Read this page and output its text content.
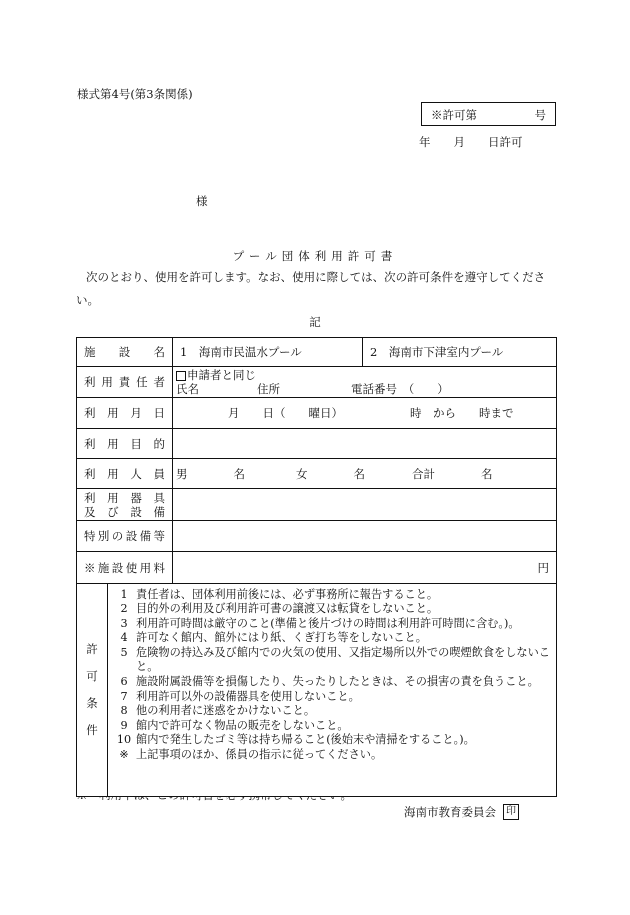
様式第4号(第3条関係)
※許可第	号
年　　月　　日許可
様
プール団体利用許可書
次のとおり、使用を許可します。なお、使用に際しては、次の許可条件を遵守してください。
記
施設名	1　海南市民温水プール	2　海南市下津室内プール
利用責任者	申請者と同じ
氏名 住所 電話番号　（　　）	

利用月日	月　　日（　　曜日） 時　から　　時まで	

利用目的		
利用人員	男　　　　名 女　　　　名 合計　　　　名	

利用器具
及び設備		

特別の設備等		
※施設使用料	円	

海南市教育委員会	印
許
可
条
件
1 責任者は、団体利用前後には、必ず事務所に報告すること。
2 目的外の利用及び利用許可書の譲渡又は転貸をしないこと。
3 利用許可時間は厳守のこと(準備と後片づけの時間は利用許可時間に含む。)。
4 許可なく館内、館外にはり紙、くぎ打ち等をしないこと。
5 危険物の持込み及び館内での火気の使用、又指定場所以外での喫煙飲食をしないこと。
6 施設附属設備等を損傷したり、失ったりしたときは、その損害の責を負うこと。
7 利用許可以外の設備器具を使用しないこと。
8 他の利用者に迷惑をかけないこと。
9 館内で許可なく物品の販売をしないこと。
10 館内で発生したゴミ等は持ち帰ること(後始末や清掃をすること。)。
※ 上記事項のほか、係員の指示に従ってください。
